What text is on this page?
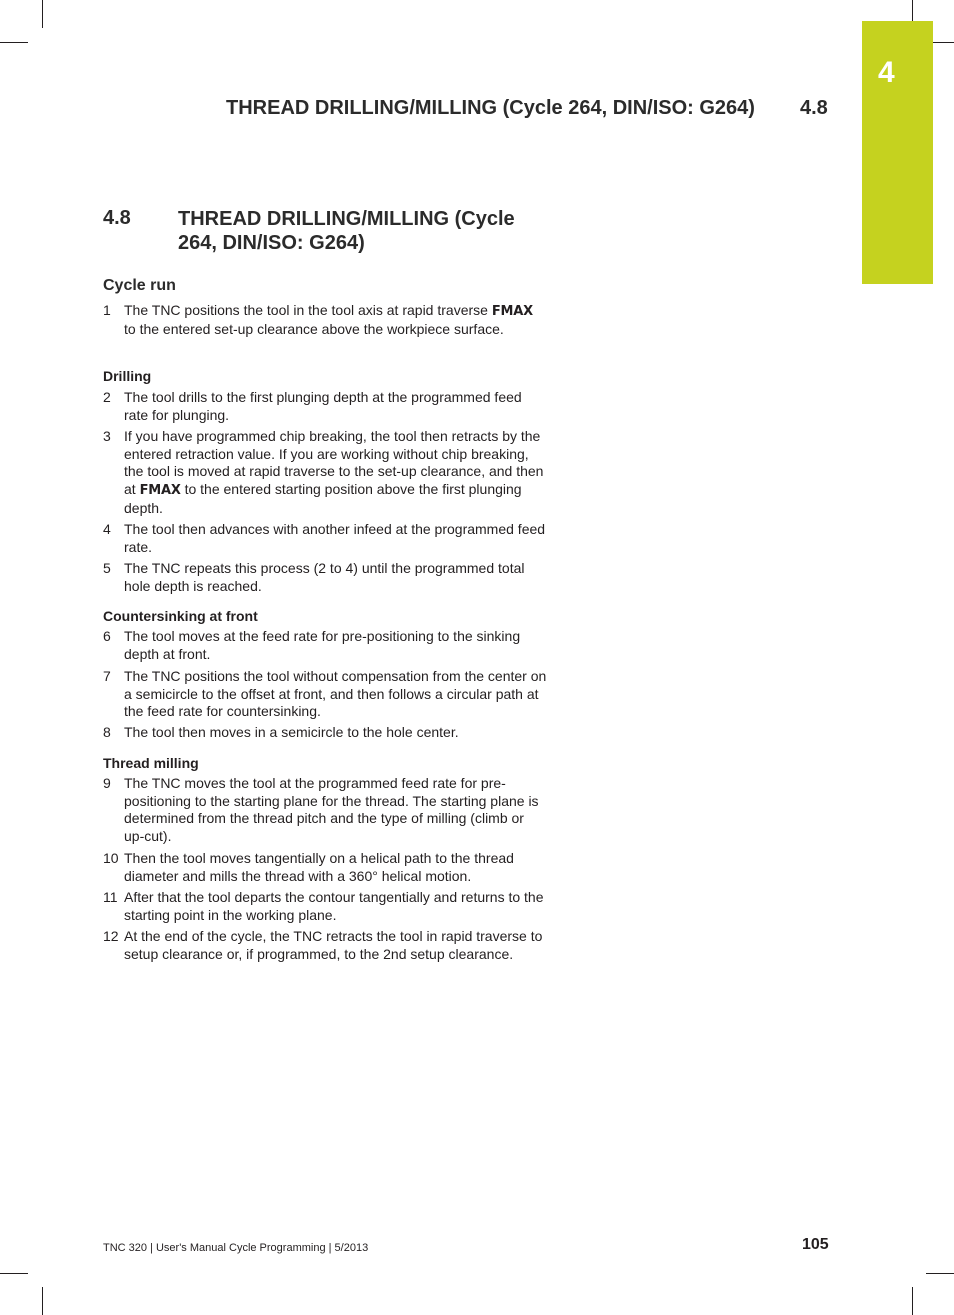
4
THREAD DRILLING/MILLING (Cycle 264, DIN/ISO: G264) 4.8
4.8 THREAD DRILLING/MILLING (Cycle 264, DIN/ISO: G264)
Cycle run
1 The TNC positions the tool in the tool axis at rapid traverse FMAX to the entered set-up clearance above the workpiece surface.
Drilling
2 The tool drills to the first plunging depth at the programmed feed rate for plunging.
3 If you have programmed chip breaking, the tool then retracts by the entered retraction value. If you are working without chip breaking, the tool is moved at rapid traverse to the set-up clearance, and then at FMAX to the entered starting position above the first plunging depth.
4 The tool then advances with another infeed at the programmed feed rate.
5 The TNC repeats this process (2 to 4) until the programmed total hole depth is reached.
Countersinking at front
6 The tool moves at the feed rate for pre-positioning to the sinking depth at front.
7 The TNC positions the tool without compensation from the center on a semicircle to the offset at front, and then follows a circular path at the feed rate for countersinking.
8 The tool then moves in a semicircle to the hole center.
Thread milling
9 The TNC moves the tool at the programmed feed rate for pre-positioning to the starting plane for the thread. The starting plane is determined from the thread pitch and the type of milling (climb or up-cut).
10 Then the tool moves tangentially on a helical path to the thread diameter and mills the thread with a 360° helical motion.
11 After that the tool departs the contour tangentially and returns to the starting point in the working plane.
12 At the end of the cycle, the TNC retracts the tool in rapid traverse to setup clearance or, if programmed, to the 2nd setup clearance.
TNC 320 | User's Manual Cycle Programming | 5/2013	105
